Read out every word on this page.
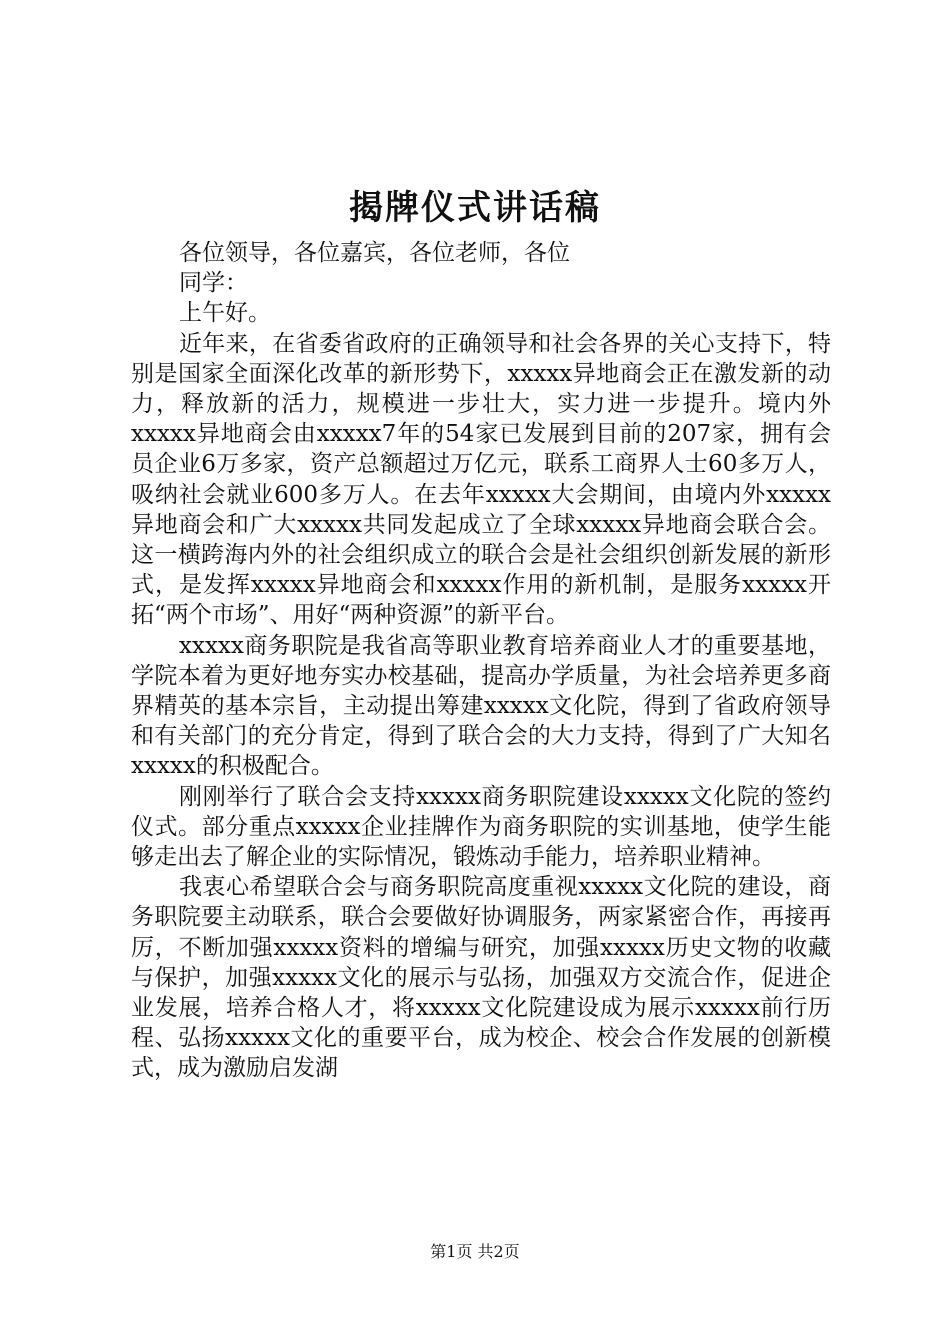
揭牌仪式讲话稿

各位领导，各位嘉宾，各位老师，各位

同学：

上午好。

近年来，在省委省政府的正确领导和社会各界的关心支持下，特别是国家全面深化改革的新形势下，xxxxx异地商会正在激发新的动力，释放新的活力，规模进一步壮大，实力进一步提升。境内外xxxxx异地商会由xxxxx7年的54家已发展到目前的207家，拥有会员企业6万多家，资产总额超过万亿元，联系工商界人士60多万人，吸纳社会就业600多万人。在去年xxxxx大会期间，由境内外xxxxx异地商会和广大xxxxx共同发起成立了全球xxxxx异地商会联合会。这一横跨海内外的社会组织成立的联合会是社会组织创新发展的新形式，是发挥xxxxx异地商会和xxxxx作用的新机制，是服务xxxxx开拓“两个市场”、用好“两种资源”的新平台。

xxxxx商务职院是我省高等职业教育培养商业人才的重要基地，学院本着为更好地夯实办校基础，提高办学质量，为社会培养更多商界精英的基本宗旨，主动提出筹建xxxxx文化院，得到了省政府领导和有关部门的充分肯定，得到了联合会的大力支持，得到了广大知名xxxxx的积极配合。

刚刚举行了联合会支持xxxxx商务职院建设xxxxx文化院的签约仪式。部分重点xxxxx企业挂牌作为商务职院的实训基地，使学生能够走出去了解企业的实际情况，锻炼动手能力，培养职业精神。

我衷心希望联合会与商务职院高度重视xxxxx文化院的建设，商务职院要主动联系，联合会要做好协调服务，两家紧密合作，再接再厉，不断加强xxxxx资料的增编与研究，加强xxxxx历史文物的收藏与保护，加强xxxxx文化的展示与弘扬，加强双方交流合作，促进企业发展，培养合格人才，将xxxxx文化院建设成为展示xxxxx前行历程、弘扬xxxxx文化的重要平台，成为校企、校会合作发展的创新模式，成为激励启发湖

第1页 共2页
